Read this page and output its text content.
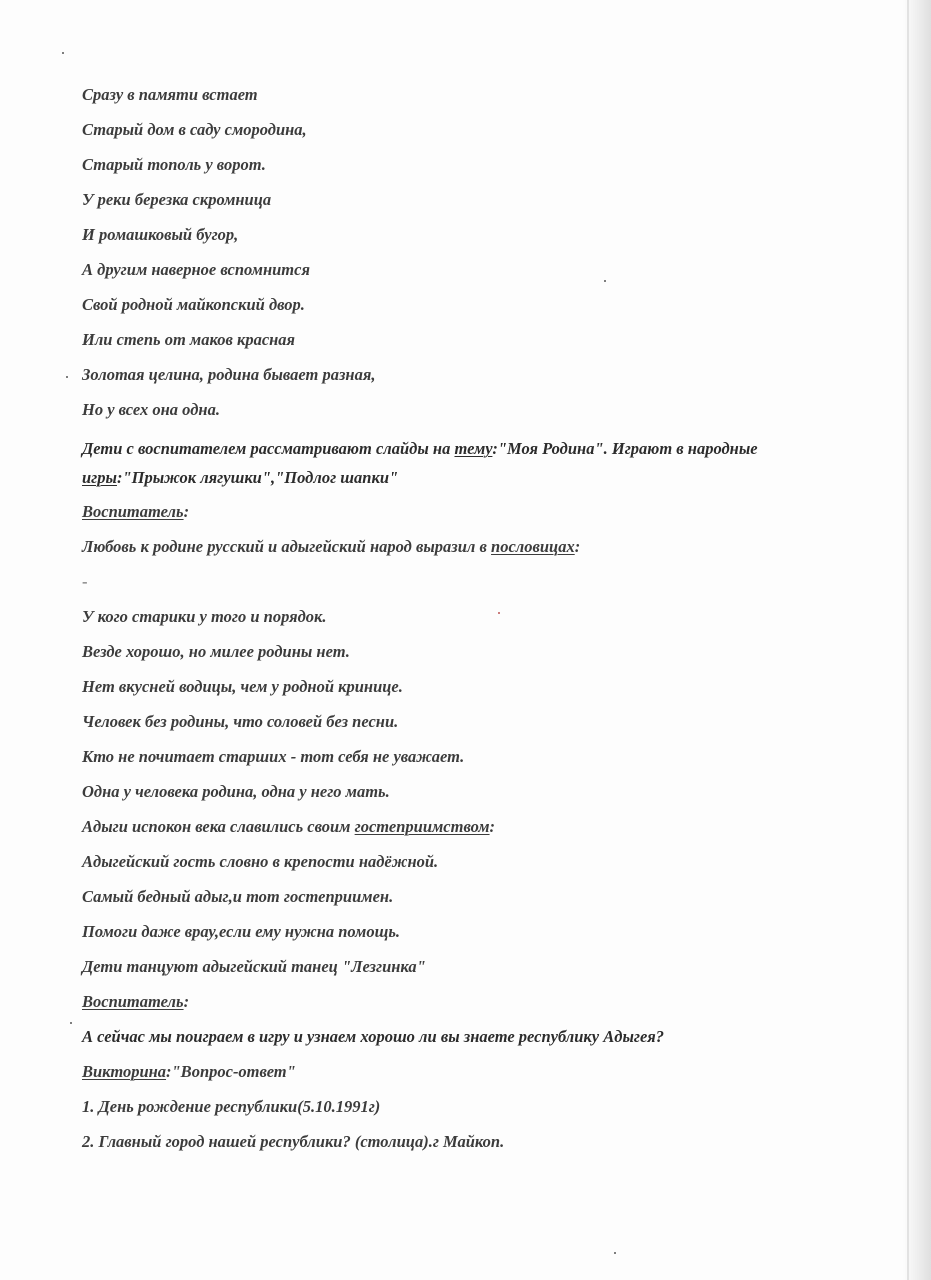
Сразу в памяти встает

Старый дом в саду смородина,

Старый тополь у ворот.

У реки березка скромница

И ромашковый бугор,

А другим наверное вспомнится

Свой родной майкопский двор.

Или степь от маков красная

Золотая целина, родина бывает разная,

Но у всех она одна.

Дети с воспитателем рассматривают слайды на тему:"Моя Родина". Играют в народные игры:"Прыжок лягушки","Подлог шапки"

Воспитатель:

Любовь к родине русский и адыгейский народ выразил в пословицах:

-

У кого старики у того и порядок.

Везде хорошо, но милее родины нет.

Нет вкусней водицы, чем у родной кринице.

Человек без родины, что соловей без песни.

Кто не почитает старших - тот себя не уважает.

Одна у человека родина, одна у него мать.

Адыги испокон века славились своим гостеприимством:

Адыгейский гость словно в крепости надёжной.

Самый бедный адыг,и тот гостеприимен.

Помоги даже врау,если ему нужна помощь.

Дети танцуют адыгейский танец "Лезгинка"

Воспитатель:

А сейчас мы поиграем в игру и узнаем хорошо ли вы знаете республику Адыгея?

Викторина:"Вопрос-ответ"

1. День рождение республики(5.10.1991г)

2. Главный город нашей республики? (столица).г Майкоп.
